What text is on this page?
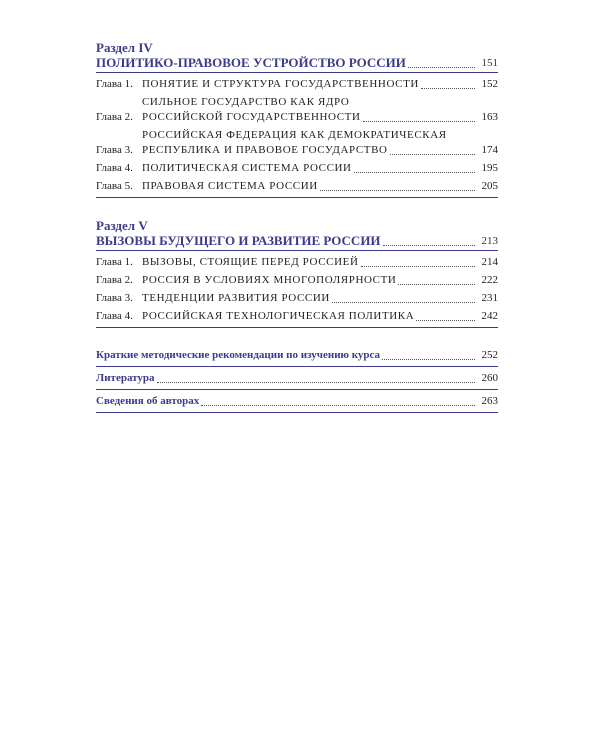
Раздел IV
ПОЛИТИКО-ПРАВОВОЕ УСТРОЙСТВО РОССИИ	151
Глава 1. ПОНЯТИЕ И СТРУКТУРА ГОСУДАРСТВЕННОСТИ	152
Глава 2.
СИЛЬНОЕ ГОСУДАРСТВО КАК ЯДРО
РОССИЙСКОЙ ГОСУДАРСТВЕННОСТИ	163
Глава 3.
РОССИЙСКАЯ ФЕДЕРАЦИЯ КАК ДЕМОКРАТИЧЕСКАЯ
РЕСПУБЛИКА И ПРАВОВОЕ ГОСУДАРСТВО	174
Глава 4. ПОЛИТИЧЕСКАЯ СИСТЕМА РОССИИ	195
Глава 5. ПРАВОВАЯ СИСТЕМА РОССИИ	205
Раздел V
ВЫЗОВЫ БУДУЩЕГО И РАЗВИТИЕ РОССИИ	213
Глава 1. ВЫЗОВЫ, СТОЯЩИЕ ПЕРЕД РОССИЕЙ	214
Глава 2. РОССИЯ В УСЛОВИЯХ МНОГОПОЛЯРНОСТИ	222
Глава 3. ТЕНДЕНЦИИ РАЗВИТИЯ РОССИИ	231
Глава 4. РОССИЙСКАЯ ТЕХНОЛОГИЧЕСКАЯ ПОЛИТИКА	242
Краткие методические рекомендации по изучению курса	252
Литература	260
Сведения об авторах	263
